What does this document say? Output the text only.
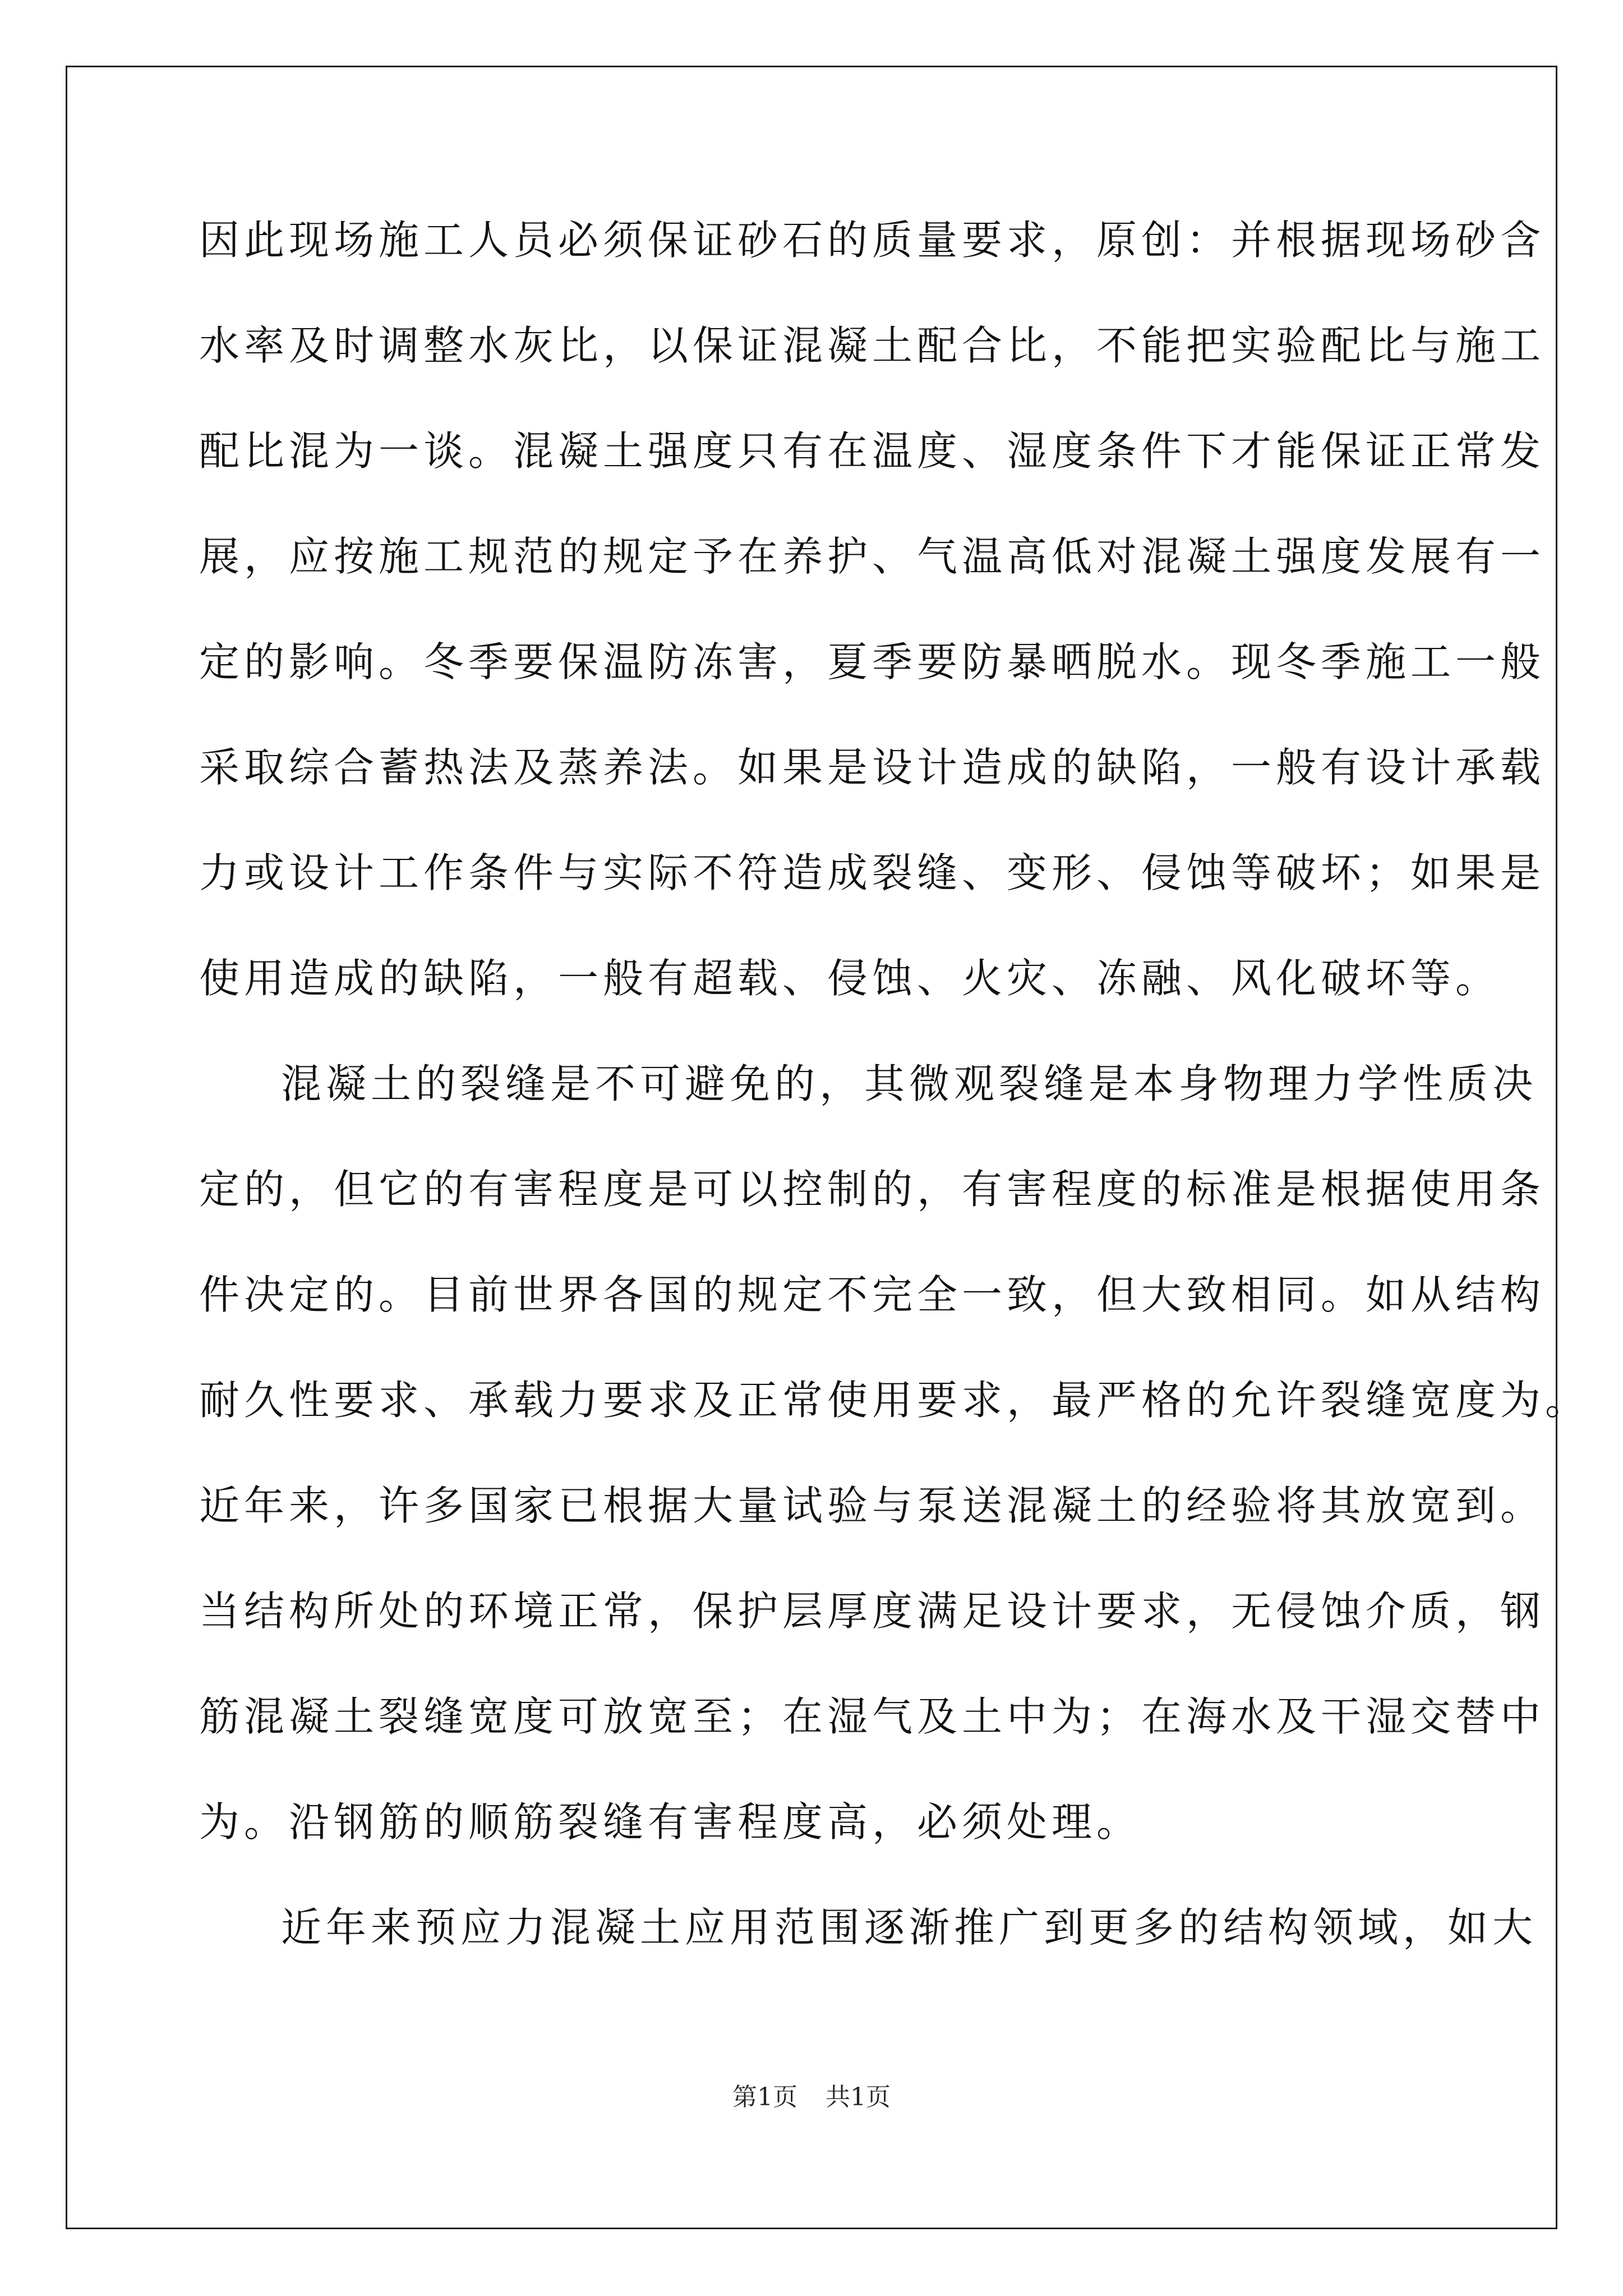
因此现场施工人员必须保证砂石的质量要求，原创：并根据现场砂含
水率及时调整水灰比，以保证混凝土配合比，不能把实验配比与施工
配比混为一谈。混凝土强度只有在温度、湿度条件下才能保证正常发
展，应按施工规范的规定予在养护、气温高低对混凝土强度发展有一
定的影响。冬季要保温防冻害，夏季要防暴晒脱水。现冬季施工一般
采取综合蓄热法及蒸养法。如果是设计造成的缺陷，一般有设计承载
力或设计工作条件与实际不符造成裂缝、变形、侵蚀等破坏；如果是
使用造成的缺陷，一般有超载、侵蚀、火灾、冻融、风化破坏等。
混凝土的裂缝是不可避免的，其微观裂缝是本身物理力学性质决
定的，但它的有害程度是可以控制的，有害程度的标准是根据使用条
件决定的。目前世界各国的规定不完全一致，但大致相同。如从结构
耐久性要求、承载力要求及正常使用要求，最严格的允许裂缝宽度为。
近年来，许多国家已根据大量试验与泵送混凝土的经验将其放宽到。
当结构所处的环境正常，保护层厚度满足设计要求，无侵蚀介质，钢
筋混凝土裂缝宽度可放宽至；在湿气及土中为；在海水及干湿交替中
为。沿钢筋的顺筋裂缝有害程度高，必须处理。
近年来预应力混凝土应用范围逐渐推广到更多的结构领域，如大
第1页 共1页
